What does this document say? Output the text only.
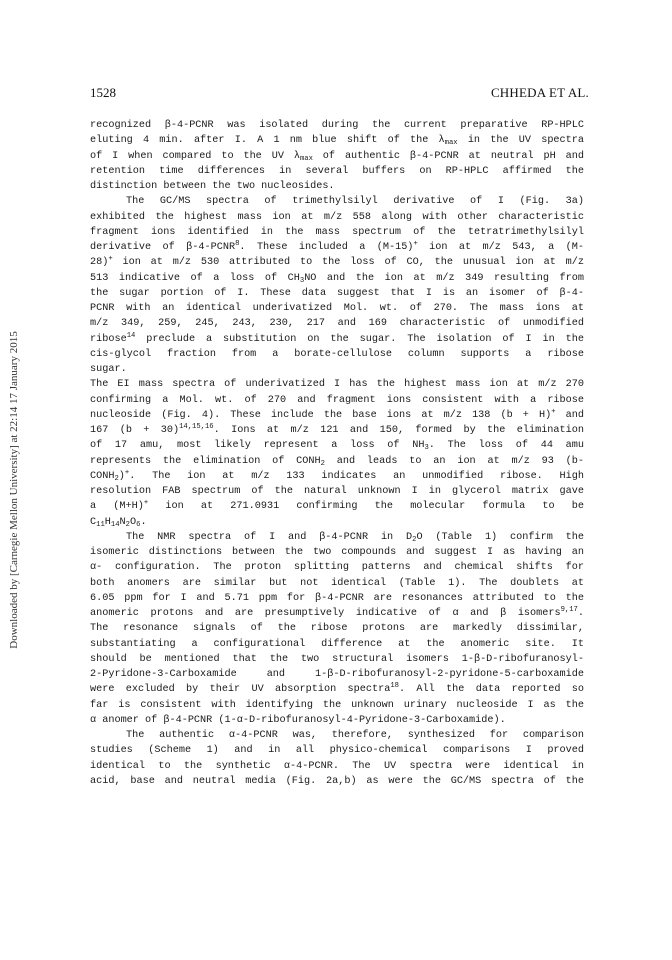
1528	CHHEDA ET AL.
Downloaded by [Carnegie Mellon University] at 22:14 17 January 2015
recognized β-4-PCNR was isolated during the current preparative RP-HPLC
eluting 4 min. after I. A 1 nm blue shift of the $\lambda_{max}$ in the UV spectra
of I when compared to the UV $\lambda_{max}$ of authentic β-4-PCNR at neutral pH and
retention time differences in several buffers on RP-HPLC affirmed the
distinction between the two nucleosides.
The GC/MS spectra of trimethylsilyl derivative of I (Fig. 3a)
exhibited the highest mass ion at m/z 558 along with other characteristic
fragment ions identified in the mass spectrum of the tetratrimethylsilyl
derivative of β-4-PCNR$^8$. These included a (M-15)+ ion at m/z 543, a (M-
28)+ ion at m/z 530 attributed to the loss of CO, the unusual ion at m/z
513 indicative of a loss of $CH_3NO$ and the ion at m/z 349 resulting from
the sugar portion of I. These data suggest that I is an isomer of β-4-
PCNR with an identical underivatized Mol. wt. of 270. The mass ions at
m/z 349, 259, 245, 243, 230, 217 and 169 characteristic of unmodified
ribose$^{14}$ preclude a substitution on the sugar. The isolation of I in the
cis-glycol fraction from a borate-cellulose column supports a ribose
sugar.
The EI mass spectra of underivatized I has the highest mass ion at m/z 270
confirming a Mol. wt. of 270 and fragment ions consistent with a ribose
nucleoside (Fig. 4). These include the base ions at m/z 138 (b + H)+ and
167 $(b + 30)^{14,15,16}$. Ions at m/z 121 and 150, formed by the elimination
of 17 amu, most likely represent a loss of $NH_3$. The loss of 44 amu
represents the elimination of $CONH_2$ and leads to an ion at m/z 93 (b-
$CONH_2)^+$. The ion at m/z 133 indicates an unmodified ribose. High
resolution FAB spectrum of the natural unknown I in glycerol matrix gave
a (M+H)+ ion at 271.0931 confirming the molecular formula to be
$C_{11}H_{14}N_2O_6$.
The NMR spectra of I and β-4-PCNR in $D_2O$ (Table 1) confirm the
isomeric distinctions between the two compounds and suggest I as having an
α- configuration. The proton splitting patterns and chemical shifts for
both anomers are similar but not identical (Table 1). The doublets at
6.05 ppm for I and 5.71 ppm for β-4-PCNR are resonances attributed to the
anomeric protons and are presumptively indicative of α and β isomers$^{9,17}$.
The resonance signals of the ribose protons are markedly dissimilar,
substantiating a configurational difference at the anomeric site. It
should be mentioned that the two structural isomers 1-β-D-ribofuranosyl-
2-Pyridone-3-Carboxamide and 1-β-D-ribofuranosyl-2-pyridone-5-carboxamide
were excluded by their UV absorption spectra$^{18}$. All the data reported so
far is consistent with identifying the unknown urinary nucleoside I as the
α anomer of β-4-PCNR (1-α-D-ribofuranosyl-4-Pyridone-3-Carboxamide).
The authentic α-4-PCNR was, therefore, synthesized for comparison
studies (Scheme 1) and in all physico-chemical comparisons I proved
identical to the synthetic α-4-PCNR. The UV spectra were identical in
acid, base and neutral media (Fig. 2a,b) as were the GC/MS spectra of the
